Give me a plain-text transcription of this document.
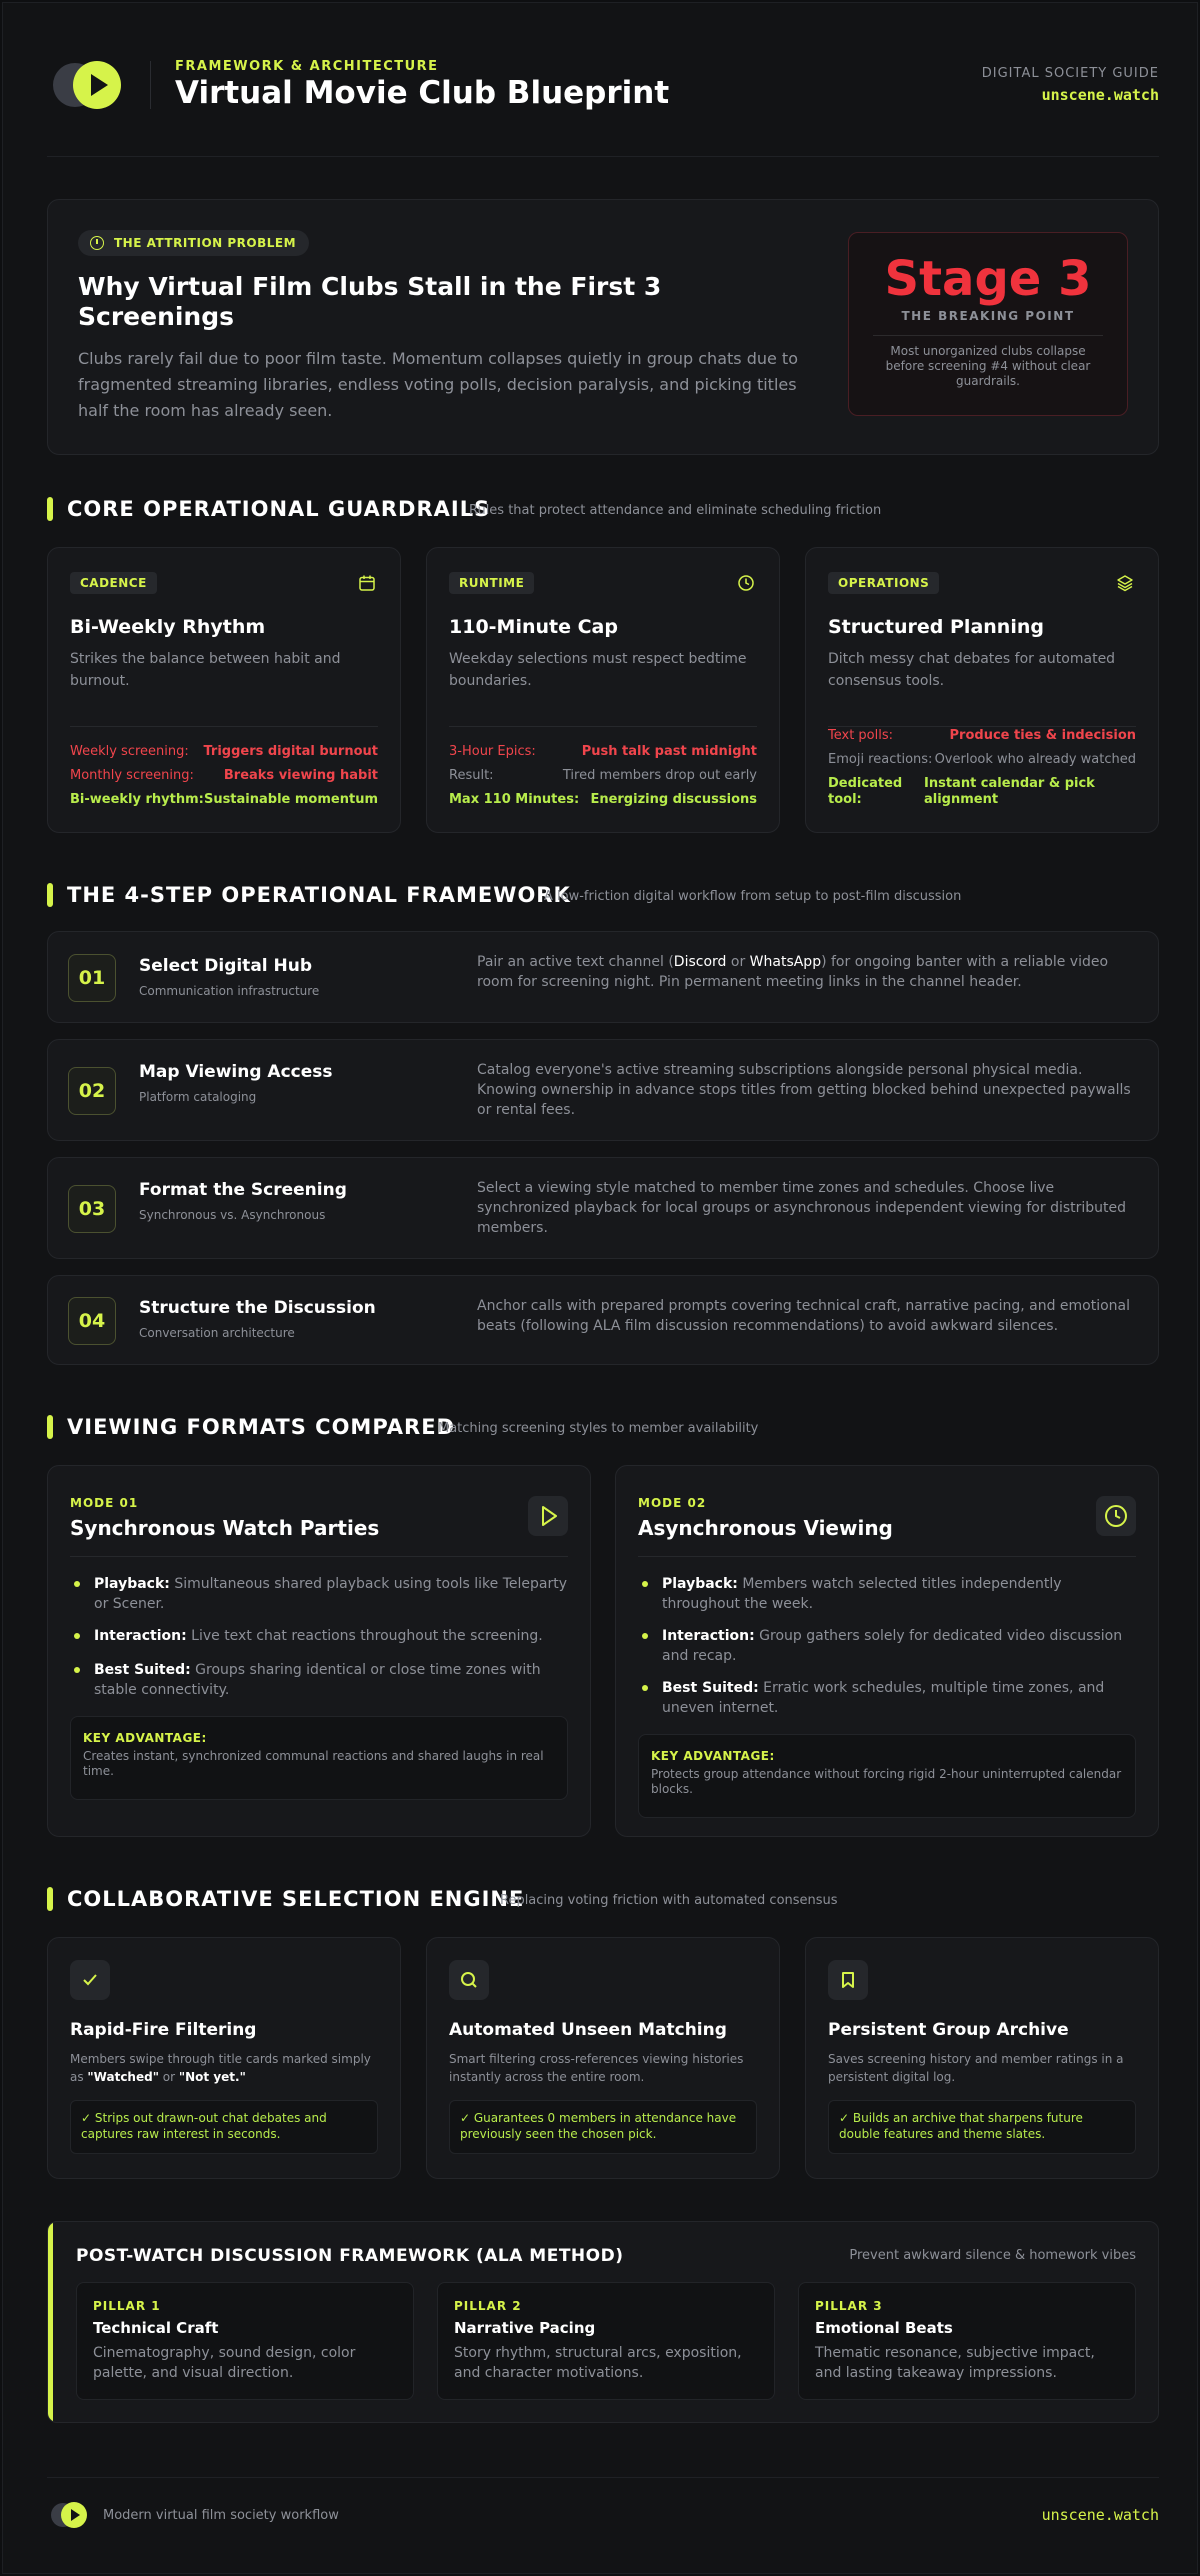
FRAMEWORK & ARCHITECTURE
Virtual Movie Club Blueprint
DIGITAL SOCIETY GUIDE
unscene.watch
THE ATTRITION PROBLEM
Why Virtual Film Clubs Stall in the First 3 Screenings
Clubs rarely fail due to poor film taste. Momentum collapses quietly in group chats due to fragmented streaming libraries, endless voting polls, decision paralysis, and picking titles half the room has already seen.
Stage 3
THE BREAKING POINT
Most unorganized clubs collapse before screening #4 without clear guardrails.
CORE OPERATIONAL GUARDRAILS
Rules that protect attendance and eliminate scheduling friction
CADENCE
Bi-Weekly Rhythm
Strikes the balance between habit and burnout.
Weekly screening: Triggers digital burnout
Monthly screening: Breaks viewing habit
Bi-weekly rhythm: Sustainable momentum
RUNTIME
110-Minute Cap
Weekday selections must respect bedtime boundaries.
3-Hour Epics:	Push talk past midnight
Result:	Tired members drop out early
Max 110 Minutes: Energizing discussions
OPERATIONS
Structured Planning
Ditch messy chat debates for automated consensus tools.
Text polls:	Produce ties & indecision
Emoji reactions: Overlook who already watched
Dedicated tool:
Instant calendar & pick alignment
THE 4-STEP OPERATIONAL FRAMEWORK
A low-friction digital workflow from setup to post-film discussion
01
Select Digital Hub
Communication infrastructure
Pair an active text channel (Discord or WhatsApp) for ongoing banter with a reliable video room for screening night. Pin permanent meeting links in the channel header.
02
Map Viewing Access
Platform cataloging
Catalog everyone's active streaming subscriptions alongside personal physical media. Knowing ownership in advance stops titles from getting blocked behind unexpected paywalls or rental fees.
03
Format the Screening
Synchronous vs. Asynchronous
Select a viewing style matched to member time zones and schedules. Choose live synchronized playback for local groups or asynchronous independent viewing for distributed members.
04
Structure the Discussion
Conversation architecture
Anchor calls with prepared prompts covering technical craft, narrative pacing, and emotional beats (following ALA film discussion recommendations) to avoid awkward silences.
VIEWING FORMATS COMPARED
Matching screening styles to member availability
MODE 01
Synchronous Watch Parties
Playback: Simultaneous shared playback using tools like Teleparty or Scener.
Interaction: Live text chat reactions throughout the screening.
Best Suited: Groups sharing identical or close time zones with stable connectivity.
KEY ADVANTAGE:
Creates instant, synchronized communal reactions and shared laughs in real time.
MODE 02
Asynchronous Viewing
Playback: Members watch selected titles independently throughout the week.
Interaction: Group gathers solely for dedicated video discussion and recap.
Best Suited: Erratic work schedules, multiple time zones, and uneven internet.
KEY ADVANTAGE:
Protects group attendance without forcing rigid 2-hour uninterrupted calendar blocks.
COLLABORATIVE SELECTION ENGINE
Replacing voting friction with automated consensus
Rapid-Fire Filtering
Members swipe through title cards marked simply as "Watched" or "Not yet."
✓ Strips out drawn-out chat debates and captures raw interest in seconds.
Automated Unseen Matching
Smart filtering cross-references viewing histories instantly across the entire room.
✓ Guarantees 0 members in attendance have previously seen the chosen pick.
Persistent Group Archive
Saves screening history and member ratings in a persistent digital log.
✓ Builds an archive that sharpens future double features and theme slates.
POST-WATCH DISCUSSION FRAMEWORK (ALA METHOD)	Prevent awkward silence & homework vibes
PILLAR 1
Technical Craft
Cinematography, sound design, color palette, and visual direction.
PILLAR 2
Narrative Pacing
Story rhythm, structural arcs, exposition, and character motivations.
PILLAR 3
Emotional Beats
Thematic resonance, subjective impact, and lasting takeaway impressions.
Modern virtual film society workflow	unscene.watch
